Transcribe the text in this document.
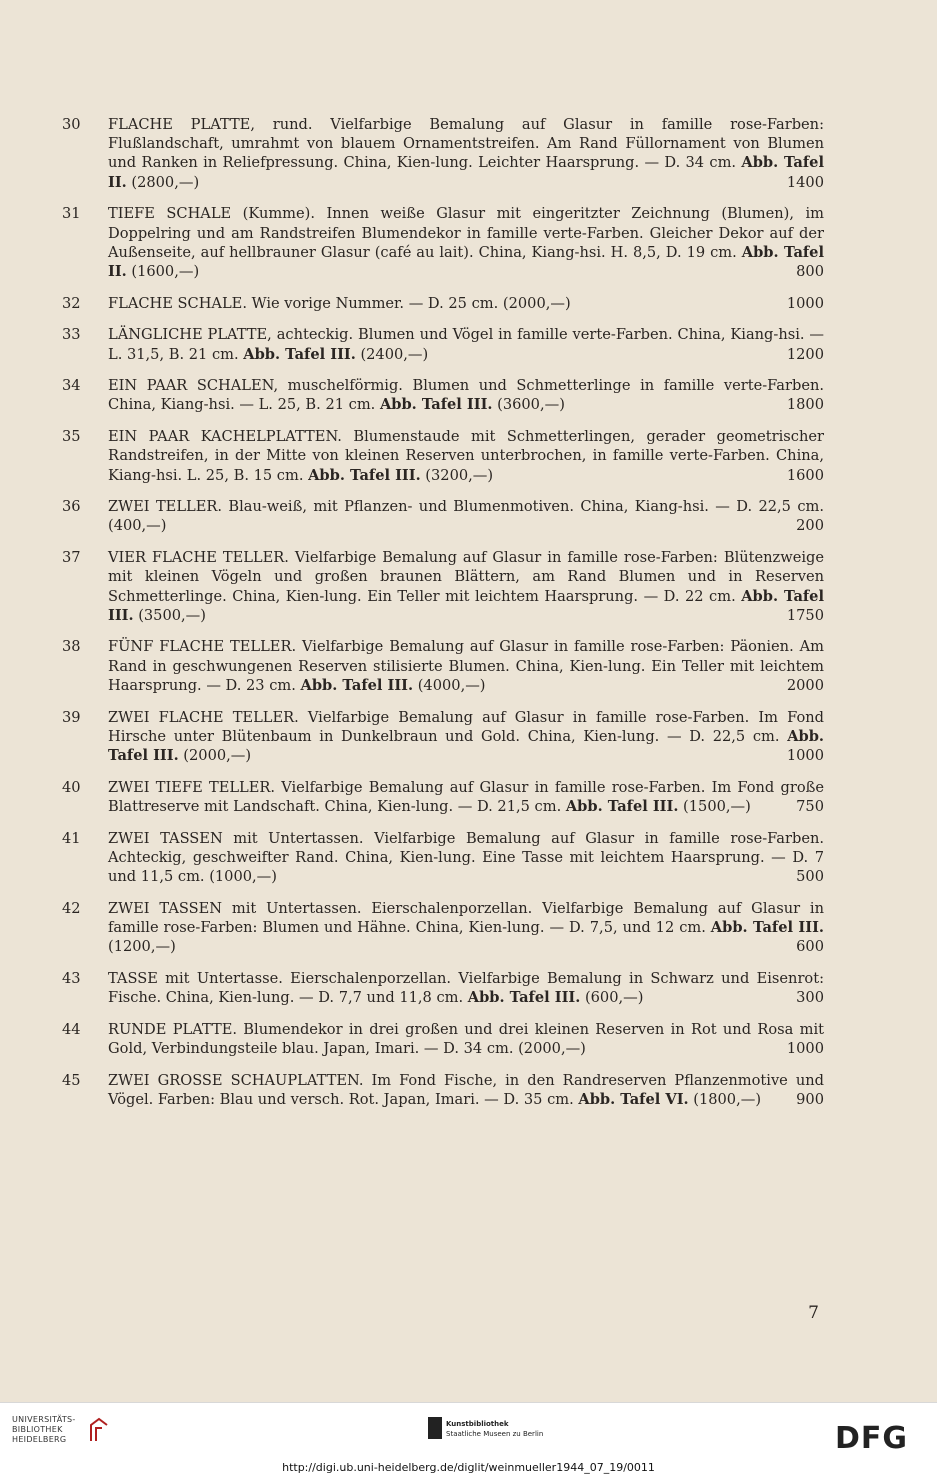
30	FLACHE PLATTE, rund. Vielfarbige Bemalung auf Glasur in famille rose-Farben: Flußlandschaft, umrahmt von blauem Ornamentstreifen. Am Rand Füllornament von Blumen und Ranken in Reliefpressung. China, Kien-lung. Leichter Haarsprung. — D. 34 cm. Abb. Tafel II. (2800,—)	1400
31	TIEFE SCHALE (Kumme). Innen weiße Glasur mit eingeritzter Zeichnung (Blumen), im Doppelring und am Randstreifen Blumendekor in famille verte-Farben. Gleicher Dekor auf der Außenseite, auf hellbrauner Glasur (café au lait). China, Kiang-hsi. H. 8,5, D. 19 cm. Abb. Tafel II. (1600,—)	800
32	FLACHE SCHALE. Wie vorige Nummer. — D. 25 cm. (2000,—)	1000
33	LÄNGLICHE PLATTE, achteckig. Blumen und Vögel in famille verte-Farben. China, Kiang-hsi. — L. 31,5, B. 21 cm. Abb. Tafel III. (2400,—)	1200
34	EIN PAAR SCHALEN, muschelförmig. Blumen und Schmetterlinge in famille verte-Farben. China, Kiang-hsi. — L. 25, B. 21 cm. Abb. Tafel III. (3600,—)	1800
35	EIN PAAR KACHELPLATTEN. Blumenstaude mit Schmetterlingen, gerader geometrischer Randstreifen, in der Mitte von kleinen Reserven unterbrochen, in famille verte-Farben. China, Kiang-hsi. L. 25, B. 15 cm. Abb. Tafel III. (3200,—)	1600
36	ZWEI TELLER. Blau-weiß, mit Pflanzen- und Blumenmotiven. China, Kiang-hsi. — D. 22,5 cm. (400,—)	200
37	VIER FLACHE TELLER. Vielfarbige Bemalung auf Glasur in famille rose-Farben: Blütenzweige mit kleinen Vögeln und großen braunen Blättern, am Rand Blumen und in Reserven Schmetterlinge. China, Kien-lung. Ein Teller mit leichtem Haarsprung. — D. 22 cm. Abb. Tafel III. (3500,—)	1750
38	FÜNF FLACHE TELLER. Vielfarbige Bemalung auf Glasur in famille rose-Farben: Päonien. Am Rand in geschwungenen Reserven stilisierte Blumen. China, Kien-lung. Ein Teller mit leichtem Haarsprung. — D. 23 cm. Abb. Tafel III. (4000,—)	2000
39	ZWEI FLACHE TELLER. Vielfarbige Bemalung auf Glasur in famille rose-Farben. Im Fond Hirsche unter Blütenbaum in Dunkelbraun und Gold. China, Kien-lung. — D. 22,5 cm. Abb. Tafel III. (2000,—)	1000
40	ZWEI TIEFE TELLER. Vielfarbige Bemalung auf Glasur in famille rose-Farben. Im Fond große Blattreserve mit Landschaft. China, Kien-lung. — D. 21,5 cm. Abb. Tafel III. (1500,—)	750
41	ZWEI TASSEN mit Untertassen. Vielfarbige Bemalung auf Glasur in famille rose-Farben. Achteckig, geschweifter Rand. China, Kien-lung. Eine Tasse mit leichtem Haarsprung. — D. 7 und 11,5 cm. (1000,—)	500
42	ZWEI TASSEN mit Untertassen. Eierschalenporzellan. Vielfarbige Bemalung auf Glasur in famille rose-Farben: Blumen und Hähne. China, Kien-lung. — D. 7,5, und 12 cm. Abb. Tafel III. (1200,—)	600
43	TASSE mit Untertasse. Eierschalenporzellan. Vielfarbige Bemalung in Schwarz und Eisenrot: Fische. China, Kien-lung. — D. 7,7 und 11,8 cm. Abb. Tafel III. (600,—)	300
44	RUNDE PLATTE. Blumendekor in drei großen und drei kleinen Reserven in Rot und Rosa mit Gold, Verbindungsteile blau. Japan, Imari. — D. 34 cm. (2000,—)	1000
45	ZWEI GROSSE SCHAUPLATTEN. Im Fond Fische, in den Randreserven Pflanzenmotive und Vögel. Farben: Blau und versch. Rot. Japan, Imari. — D. 35 cm. Abb. Tafel VI. (1800,—) 900
7
UNIVERSITÄTS-
BIBLIOTHEK
HEIDELBERG
Kunstbibliothek
Staatliche Museen zu Berlin	DFG
http://digi.ub.uni-heidelberg.de/diglit/weinmueller1944_07_19/0011
